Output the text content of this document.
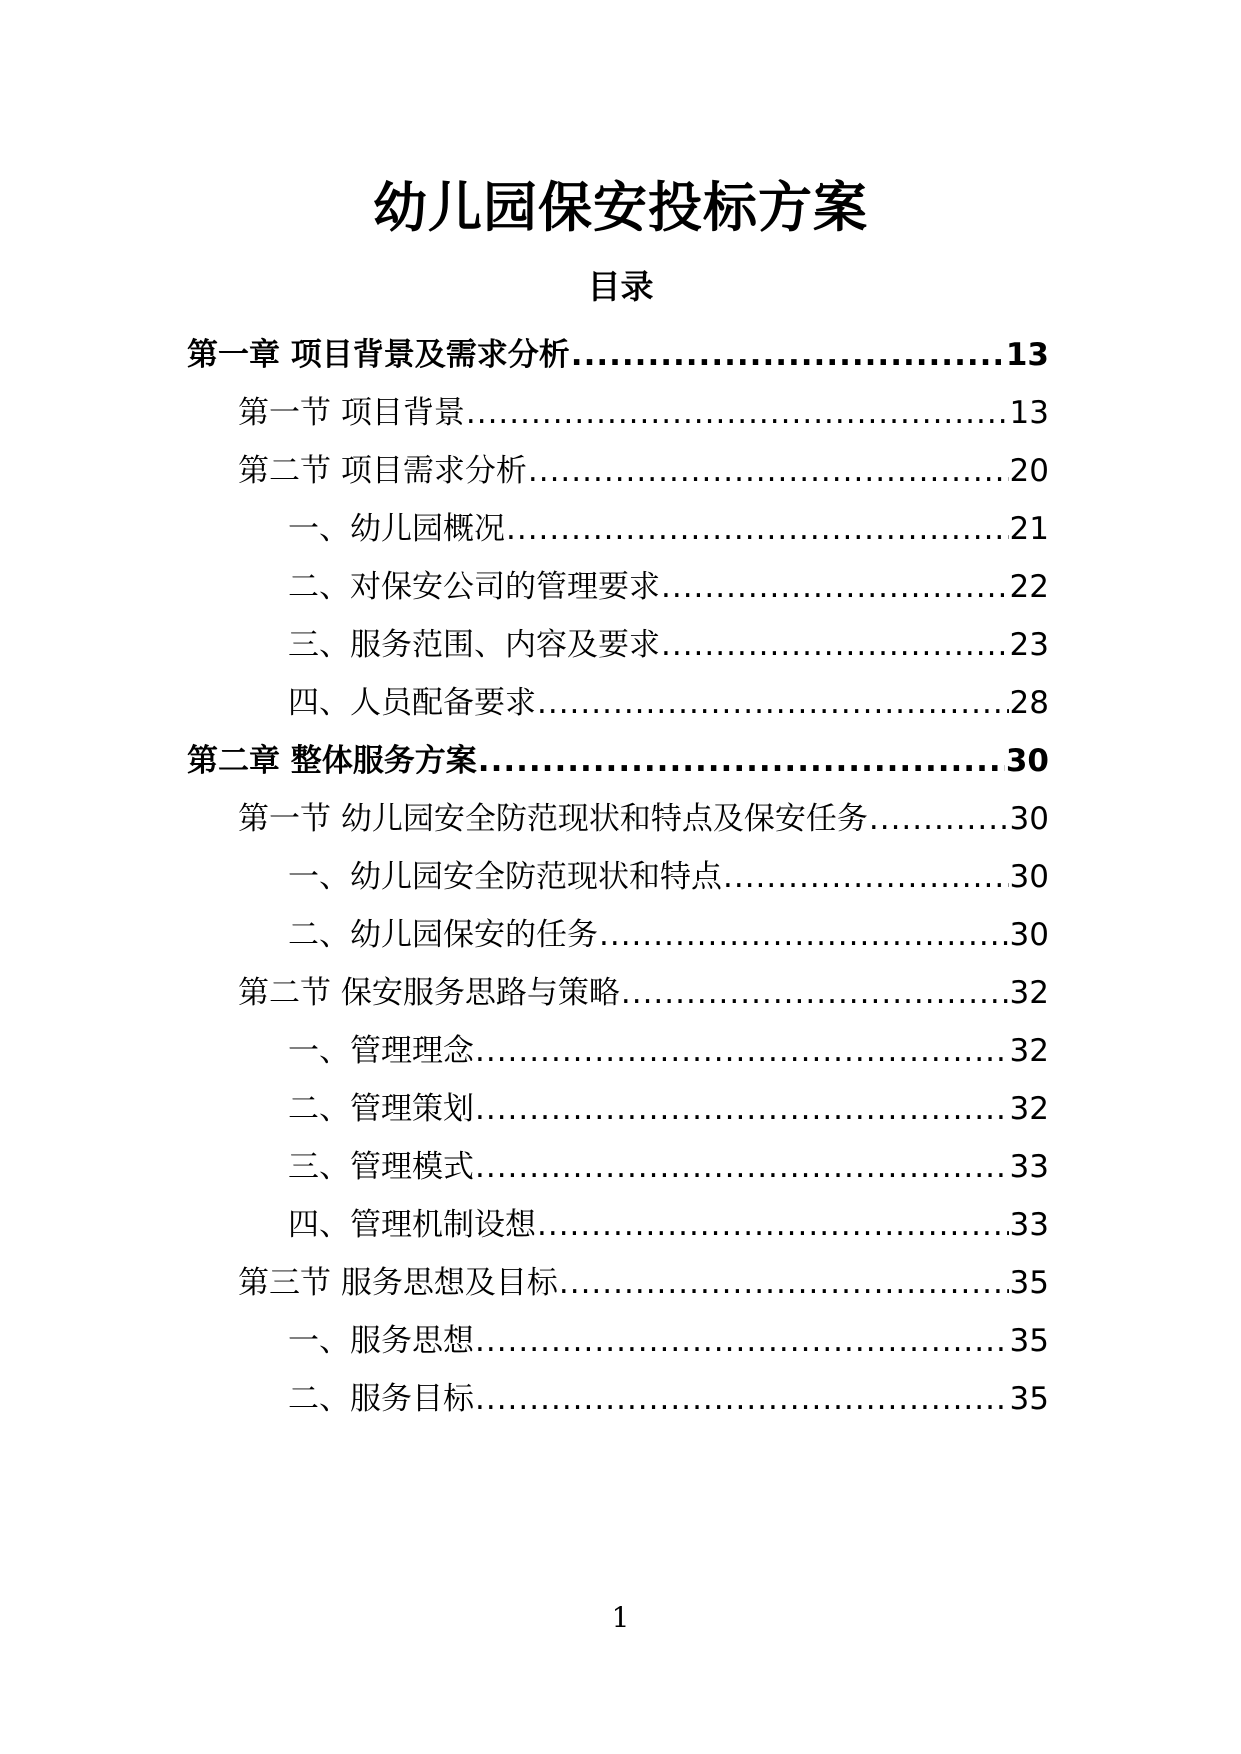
幼儿园保安投标方案
目录
第一章 项目背景及需求分析 .....	13
第一节 项目背景 .....	13
第二节 项目需求分析 .....	20
一、幼儿园概况 .....	21
二、对保安公司的管理要求 .....	22
三、服务范围、内容及要求 .....	23
四、人员配备要求 .....	28
第二章 整体服务方案 .....	30
第一节 幼儿园安全防范现状和特点及保安任务 .....	30
一、幼儿园安全防范现状和特点 .....	30
二、幼儿园保安的任务 .....	30
第二节 保安服务思路与策略 .....	32
一、管理理念 .....	32
二、管理策划 .....	32
三、管理模式 .....	33
四、管理机制设想 .....	33
第三节 服务思想及目标 .....	35
一、服务思想 .....	35
二、服务目标 .....	35
1
